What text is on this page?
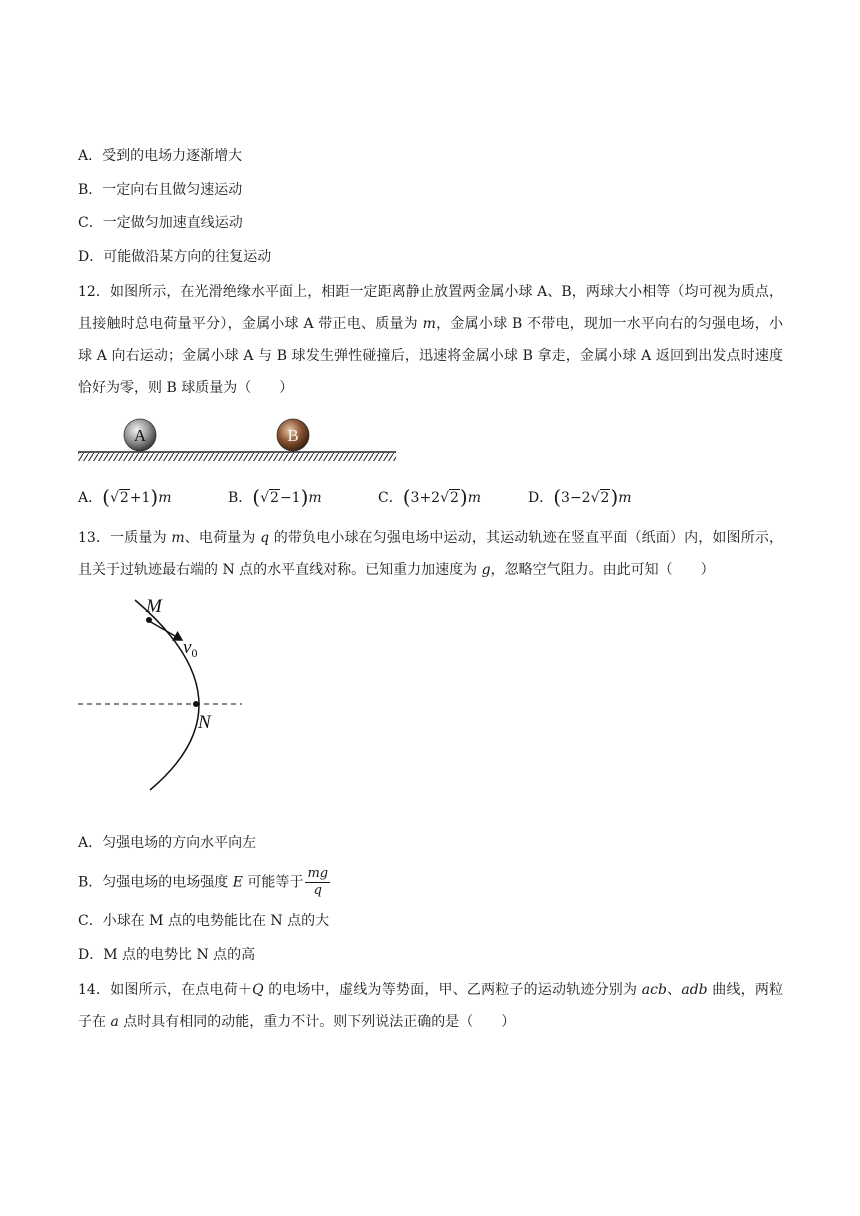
A．受到的电场力逐渐增大
B．一定向右且做匀速运动
C．一定做匀加速直线运动
D．可能做沿某方向的往复运动
12．如图所示，在光滑绝缘水平面上，相距一定距离静止放置两金属小球 A、B，两球大小相等（均可视为质点，且接触时总电荷量平分），金属小球 A 带正电、质量为 m，金属小球 B 不带电，现加一水平向右的匀强电场，小球 A 向右运动；金属小球 A 与 B 球发生弹性碰撞后，迅速将金属小球 B 拿走，金属小球 A 返回到出发点时速度恰好为零，则 B 球质量为（　　）
A	B
A．(√2+1)m	B．(√2−1)m	C．(3+2√2)m	D．(3−2√2)m
13．一质量为 m、电荷量为 q 的带负电小球在匀强电场中运动，其运动轨迹在竖直平面（纸面）内，如图所示，且关于过轨迹最右端的 N 点的水平直线对称。已知重力加速度为 g，忽略空气阻力。由此可知（　　）
M
$v_0$
N
A．匀强电场的方向水平向左
B．匀强电场的电场强度 E 可能等于 $\frac{mg}{q}$
C．小球在 M 点的电势能比在 N 点的大
D．M 点的电势比 N 点的高
14．如图所示，在点电荷＋Q 的电场中，虚线为等势面，甲、乙两粒子的运动轨迹分别为 acb、adb 曲线，两粒子在 a 点时具有相同的动能，重力不计。则下列说法正确的是（　　）
